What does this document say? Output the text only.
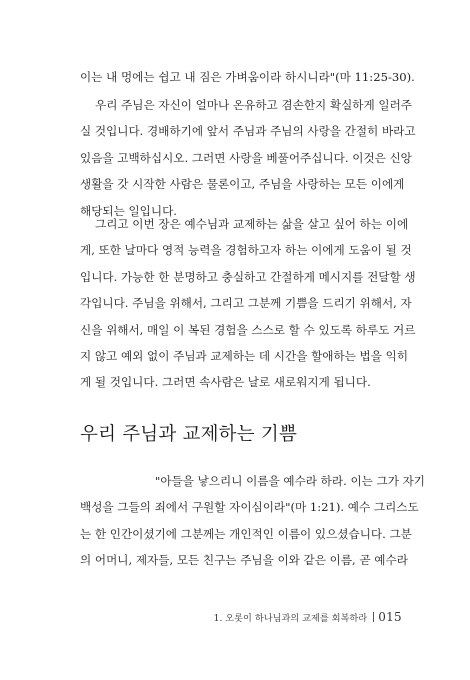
이는 내 멍에는 쉽고 내 짐은 가벼움이라 하시니라"(마 11:25-30).
우리 주님은 자신이 얼마나 온유하고 겸손한지 확실하게 일러주
실 것입니다. 경배하기에 앞서 주님과 주님의 사랑을 간절히 바라고
있음을 고백하십시오. 그러면 사랑을 베풀어주십니다. 이것은 신앙
생활을 갓 시작한 사람은 물론이고, 주님을 사랑하는 모든 이에게
해당되는 일입니다.
그리고 이번 장은 예수님과 교제하는 삶을 살고 싶어 하는 이에
게, 또한 날마다 영적 능력을 경험하고자 하는 이에게 도움이 될 것
입니다. 가능한 한 분명하고 충실하고 간절하게 메시지를 전달할 생
각입니다. 주님을 위해서, 그리고 그분께 기쁨을 드리기 위해서, 자
신을 위해서, 매일 이 복된 경험을 스스로 할 수 있도록 하루도 거르
지 않고 예외 없이 주님과 교제하는 데 시간을 할애하는 법을 익히
게 될 것입니다. 그러면 속사람은 날로 새로워지게 됩니다.
우리 주님과 교제하는 기쁨
"아들을 낳으리니 이름을 예수라 하라. 이는 그가 자기
백성을 그들의 죄에서 구원할 자이심이라"(마 1:21). 예수 그리스도
는 한 인간이셨기에 그분께는 개인적인 이름이 있으셨습니다. 그분
의 어머니, 제자들, 모든 친구는 주님을 이와 같은 이름, 곧 예수라
1. 오롯이 하나님과의 교제를 회복하라 015
